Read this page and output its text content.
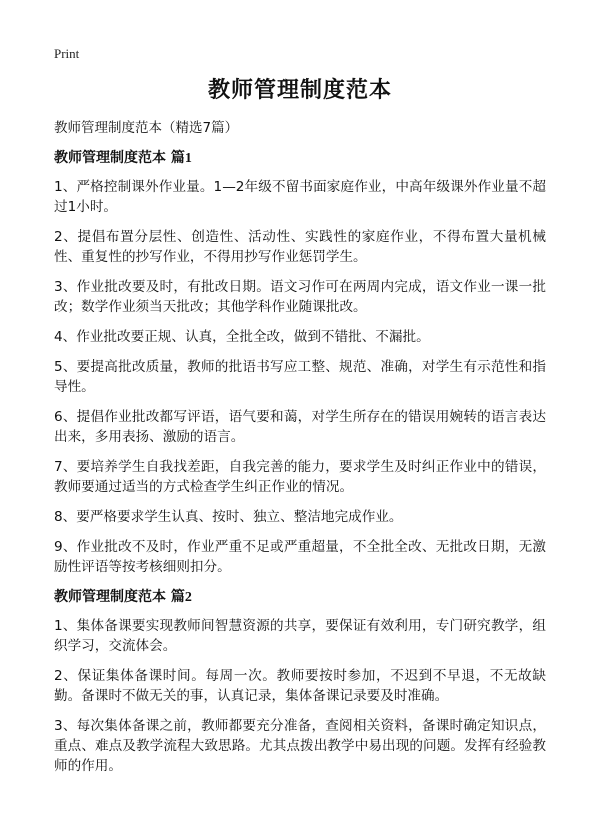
Print
教师管理制度范本

教师管理制度范本（精选7篇）

教师管理制度范本 篇1

1、严格控制课外作业量。1—2年级不留书面家庭作业，中高年级课外作业量不超过1小时。

2、提倡布置分层性、创造性、活动性、实践性的家庭作业，不得布置大量机械性、重复性的抄写作业，不得用抄写作业惩罚学生。

3、作业批改要及时，有批改日期。语文习作可在两周内完成，语文作业一课一批改；数学作业须当天批改；其他学科作业随课批改。

4、作业批改要正规、认真，全批全改，做到不错批、不漏批。

5、要提高批改质量，教师的批语书写应工整、规范、准确，对学生有示范性和指导性。

6、提倡作业批改都写评语，语气要和蔼，对学生所存在的错误用婉转的语言表达出来，多用表扬、激励的语言。

7、要培养学生自我找差距，自我完善的能力，要求学生及时纠正作业中的错误，教师要通过适当的方式检查学生纠正作业的情况。

8、要严格要求学生认真、按时、独立、整洁地完成作业。

9、作业批改不及时，作业严重不足或严重超量，不全批全改、无批改日期，无激励性评语等按考核细则扣分。

教师管理制度范本 篇2

1、集体备课要实现教师间智慧资源的共享，要保证有效利用，专门研究教学，组织学习，交流体会。

2、保证集体备课时间。每周一次。教师要按时参加，不迟到不早退，不无故缺勤。备课时不做无关的事，认真记录，集体备课记录要及时准确。

3、每次集体备课之前，教师都要充分准备，查阅相关资料，备课时确定知识点，重点、难点及教学流程大致思路。尤其点拨出教学中易出现的问题。发挥有经验教师的作用。
